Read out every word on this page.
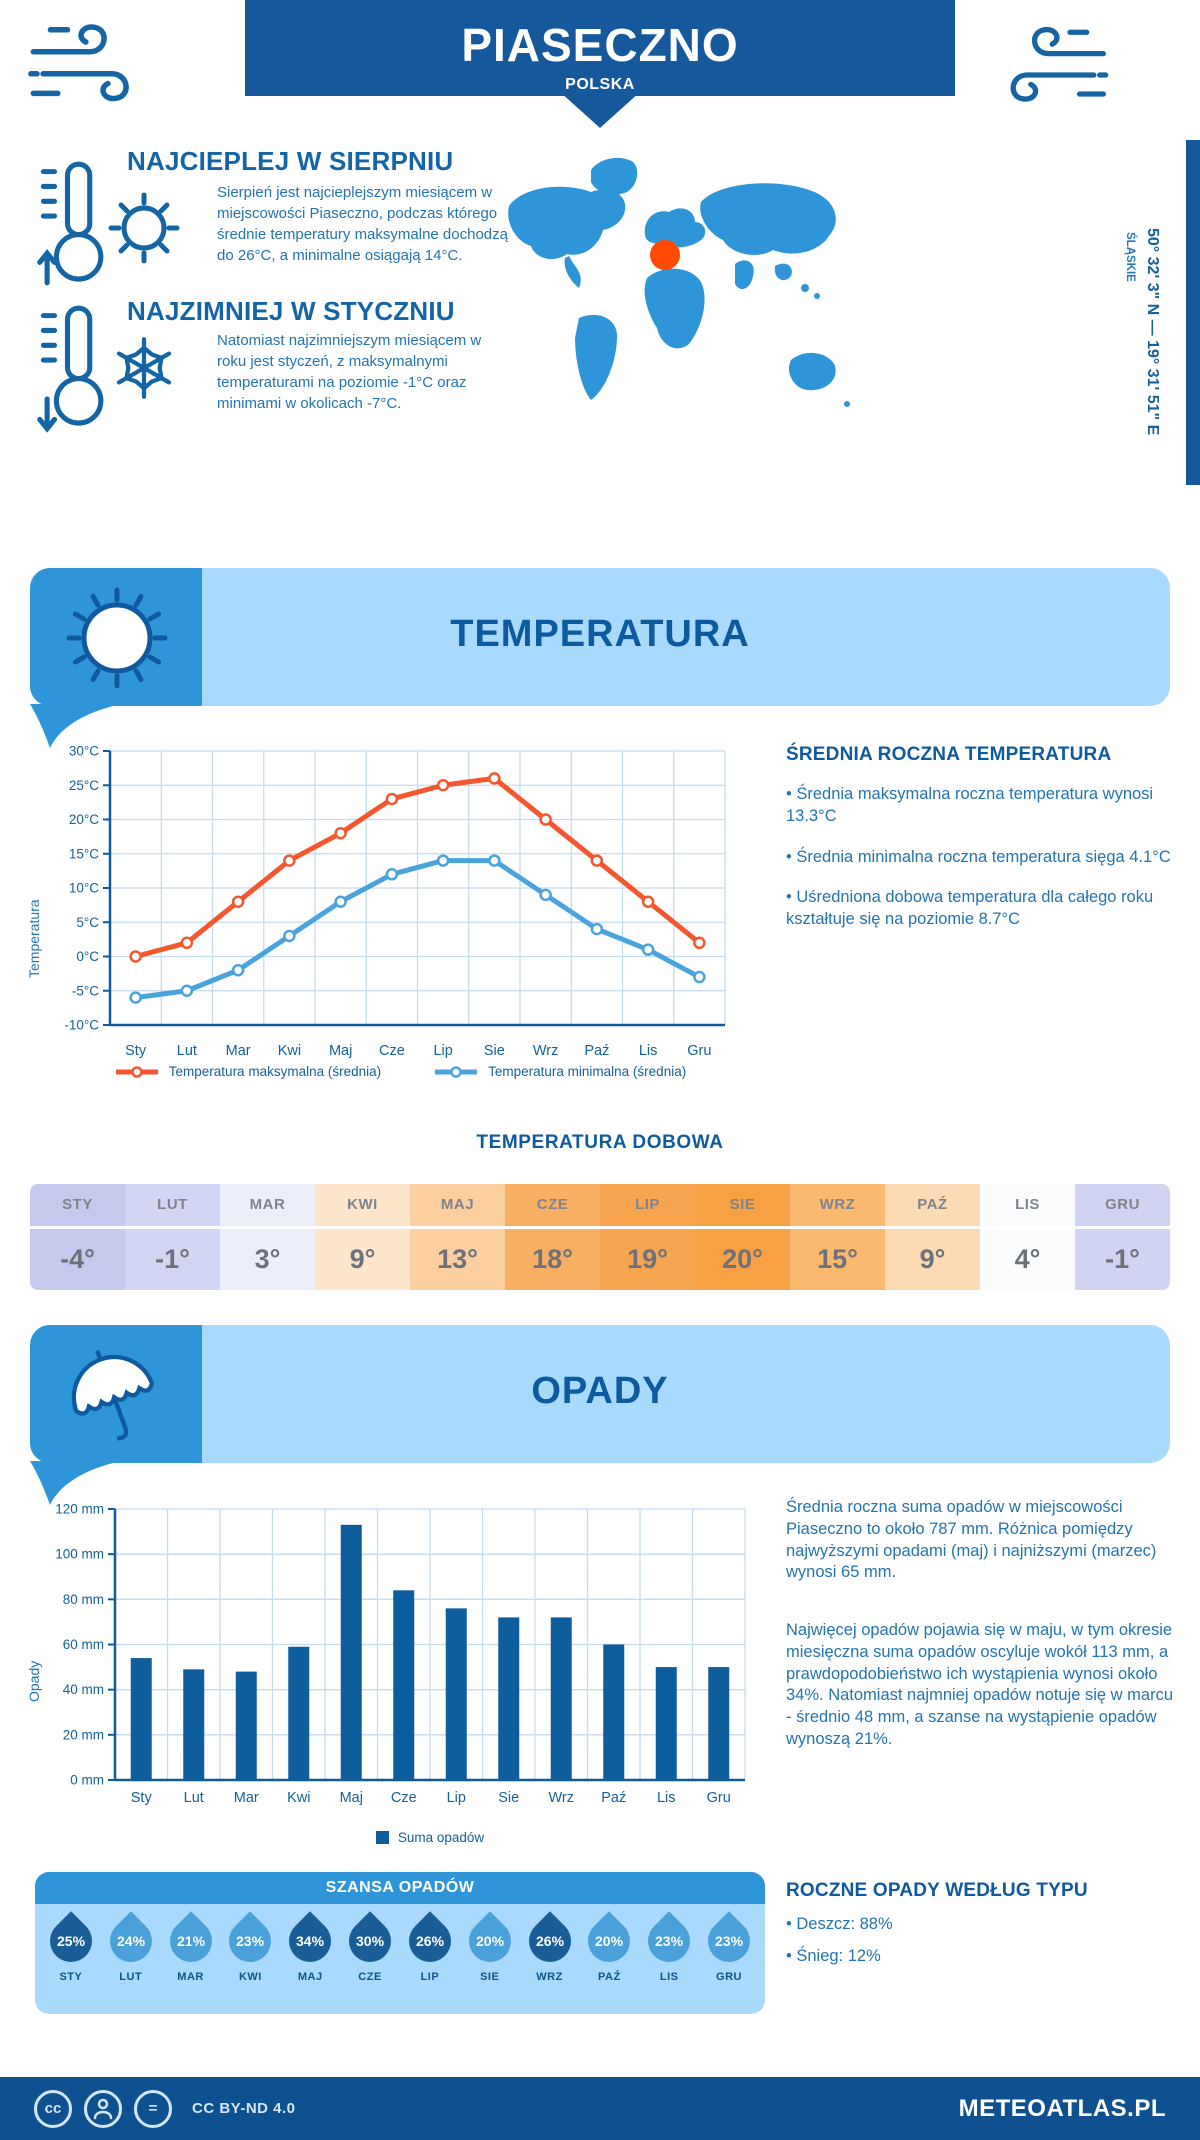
PIASECZNO
POLSKA
NAJCIEPLEJ W SIERPNIU
Sierpień jest najcieplejszym miesiącem w miejscowości Piaseczno, podczas którego średnie temperatury maksymalne dochodzą do 26°C, a minimalne osiągają 14°C.
NAJZIMNIEJ W STYCZNIU
Natomiast najzimniejszym miesiącem w roku jest styczeń, z maksymalnymi temperaturami na poziomie -1°C oraz minimami w okolicach -7°C.	50° 32' 3" N — 19° 31' 51" E
ŚLĄSKIE
TEMPERATURA
30°C
25°C
20°C
15°C
10°C
5°C
0°C
-5°C
-10°C
Sty Lut Mar Kwi Maj Cze Lip Sie Wrz Paź Lis Gru
Temperatura
Temperatura maksymalna (średnia)	Temperatura minimalna (średnia)
ŚREDNIA ROCZNA TEMPERATURA
• Średnia maksymalna roczna temperatura wynosi 13.3°C
• Średnia minimalna roczna temperatura sięga 4.1°C
• Uśredniona dobowa temperatura dla całego roku kształtuje się na poziomie 8.7°C
TEMPERATURA DOBOWA
STY
-4°
LUT
-1°
MAR
3°
KWI
9°
MAJ
13°
CZE
18°
LIP
19°
SIE
20°
WRZ
15°
PAŹ
9°
LIS
4°
GRU
-1°
OPADY
0 mm
20 mm
40 mm
60 mm
80 mm
100 mm
120 mm
Sty Lut Mar Kwi Maj Cze Lip Sie Wrz Paź Lis Gru
Opady
Suma opadów
Średnia roczna suma opadów w miejscowości Piaseczno to około 787 mm. Różnica pomiędzy najwyższymi opadami (maj) i najniższymi (marzec) wynosi 65 mm.
Najwięcej opadów pojawia się w maju, w tym okresie miesięczna suma opadów oscyluje wokół 113 mm, a prawdopodobieństwo ich wystąpienia wynosi około 34%. Natomiast najmniej opadów notuje się w marcu - średnio 48 mm, a szanse na wystąpienie opadów wynoszą 21%.
ROCZNE OPADY WEDŁUG TYPU
• Deszcz: 88%
• Śnieg: 12%
SZANSA OPADÓW
25%
STY
24%
LUT
21%
MAR
23%
KWI
34%
MAJ
30%
CZE
26%
LIP
20%
SIE
26%
WRZ
20%
PAŹ
23%
LIS
23%
GRU
cc	=	CC BY-ND 4.0	METEOATLAS.PL
